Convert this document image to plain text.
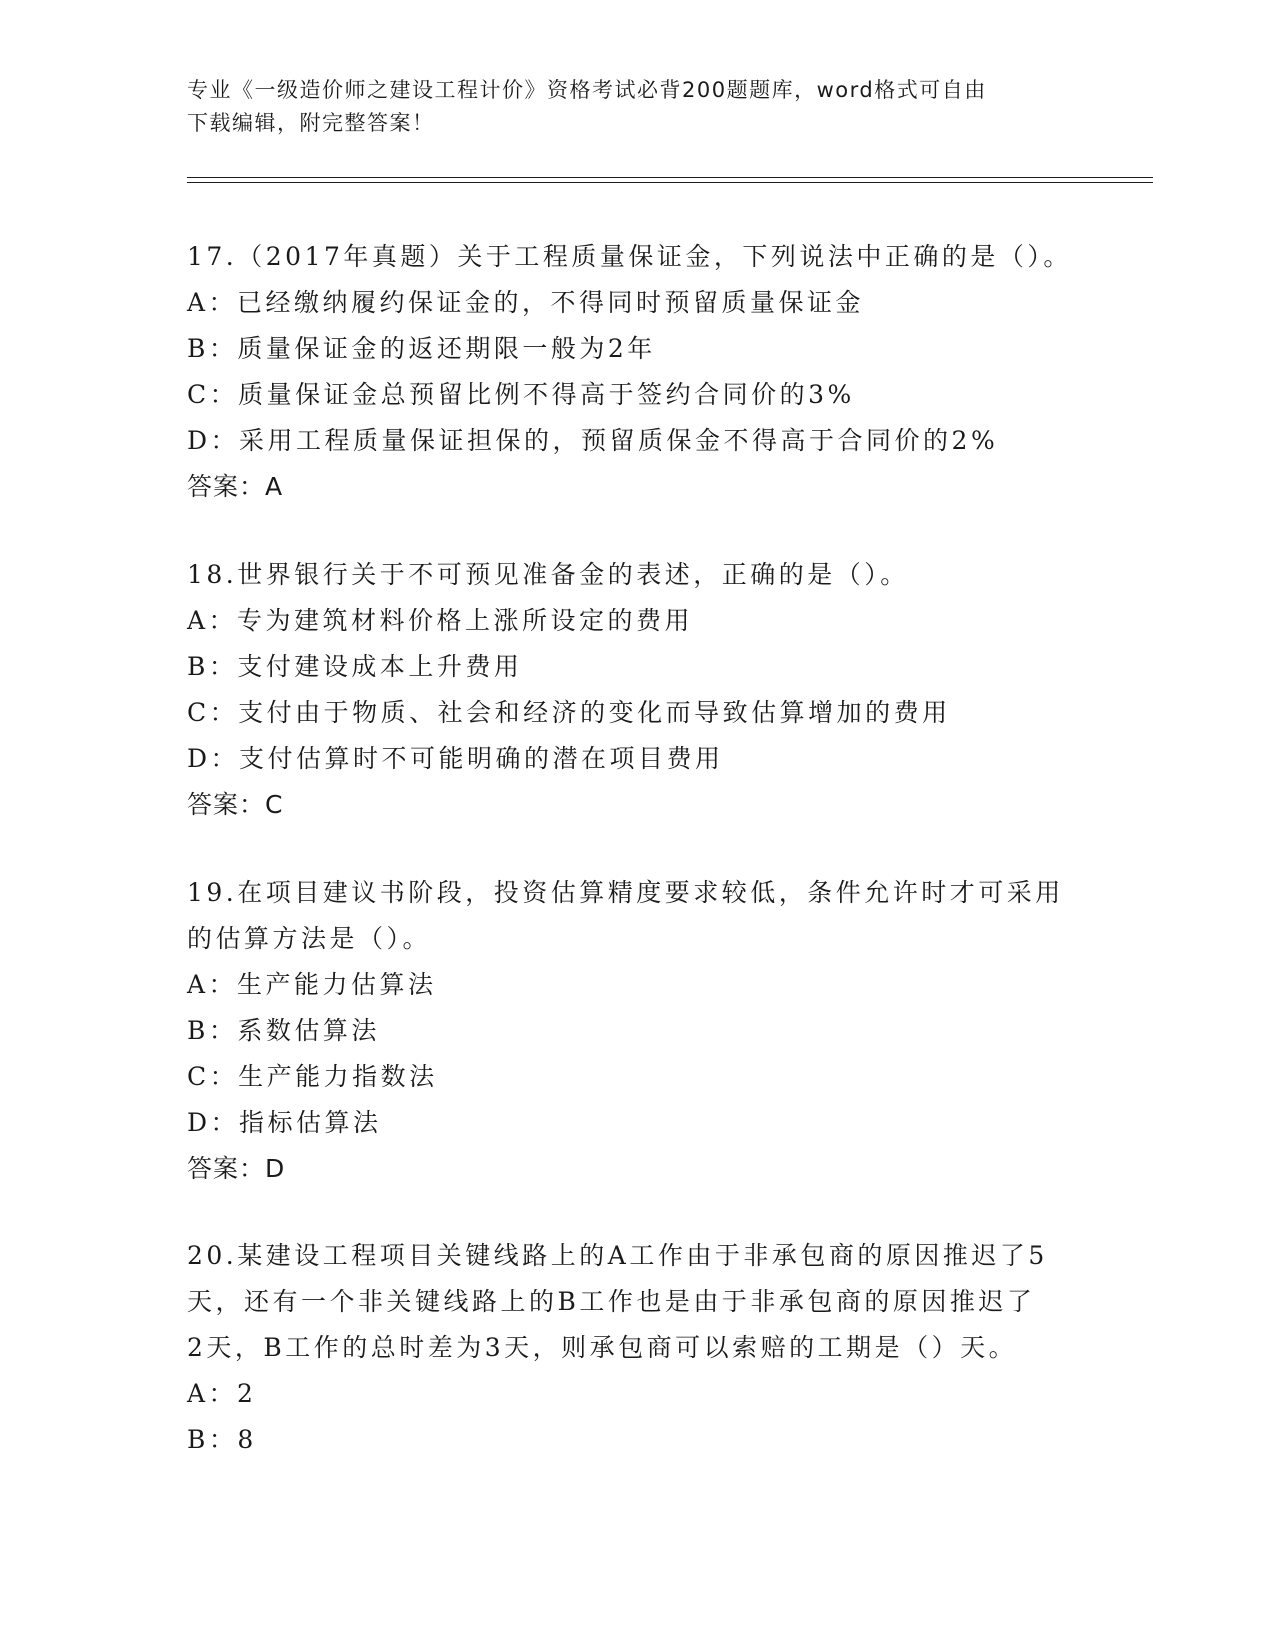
专业《一级造价师之建设工程计价》资格考试必背200题题库，word格式可自由
下载编辑，附完整答案！

17.（2017年真题）关于工程质量保证金，下列说法中正确的是（）。

A：已经缴纳履约保证金的，不得同时预留质量保证金

B：质量保证金的返还期限一般为2年

C：质量保证金总预留比例不得高于签约合同价的3%

D：采用工程质量保证担保的，预留质保金不得高于合同价的2%

答案：A

18.世界银行关于不可预见准备金的表述，正确的是（）。

A：专为建筑材料价格上涨所设定的费用

B：支付建设成本上升费用

C：支付由于物质、社会和经济的变化而导致估算增加的费用

D：支付估算时不可能明确的潜在项目费用

答案：C

19.在项目建议书阶段，投资估算精度要求较低，条件允许时才可采用

的估算方法是（）。

A：生产能力估算法

B：系数估算法

C：生产能力指数法

D：指标估算法

答案：D

20.某建设工程项目关键线路上的A工作由于非承包商的原因推迟了5

天，还有一个非关键线路上的B工作也是由于非承包商的原因推迟了

2天，B工作的总时差为3天，则承包商可以索赔的工期是（）天。

A：2

B：8
